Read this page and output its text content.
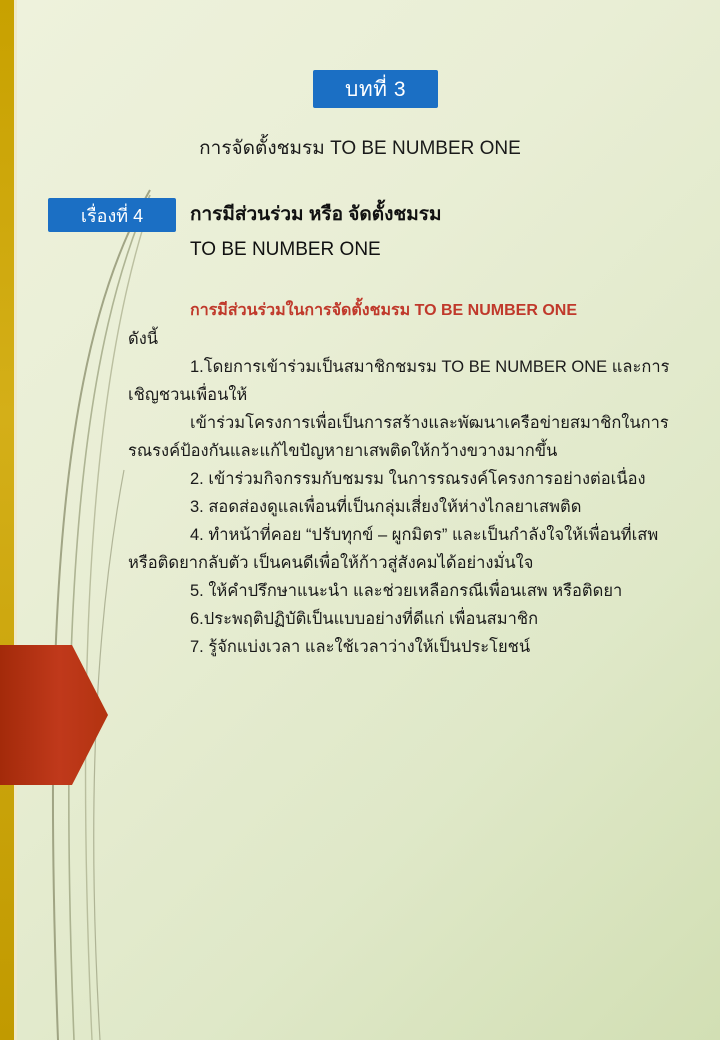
บทที่ 3
การจัดตั้งชมรม TO BE NUMBER ONE
เรื่องที่ 4 การมีส่วนร่วม หรือ จัดตั้งชมรม
TO BE NUMBER ONE

การมีส่วนร่วมในการจัดตั้งชมรม TO BE NUMBER ONE

ดังนี้

1.โดยการเข้าร่วมเป็นสมาชิกชมรม TO BE NUMBER ONE และการเชิญชวนเพื่อนให้

เข้าร่วมโครงการเพื่อเป็นการสร้างและพัฒนาเครือข่ายสมาชิกในการรณรงค์ป้องกันและแก้ไขปัญหายาเสพติดให้กว้างขวางมากขึ้น

2. เข้าร่วมกิจกรรมกับชมรม ในการรณรงค์โครงการอย่างต่อเนื่อง

3. สอดส่องดูแลเพื่อนที่เป็นกลุ่มเสี่ยงให้ห่างไกลยาเสพติด

4. ทำหน้าที่คอย “ปรับทุกข์ – ผูกมิตร” และเป็นกำลังใจให้เพื่อนที่เสพ หรือติดยากลับตัว เป็นคนดีเพื่อให้ก้าวสู่สังคมได้อย่างมั่นใจ

5. ให้คำปรึกษาแนะนำ และช่วยเหลือกรณีเพื่อนเสพ หรือติดยา

6.ประพฤติปฏิบัติเป็นแบบอย่างที่ดีแก่ เพื่อนสมาชิก

7. รู้จักแบ่งเวลา และใช้เวลาว่างให้เป็นประโยชน์
